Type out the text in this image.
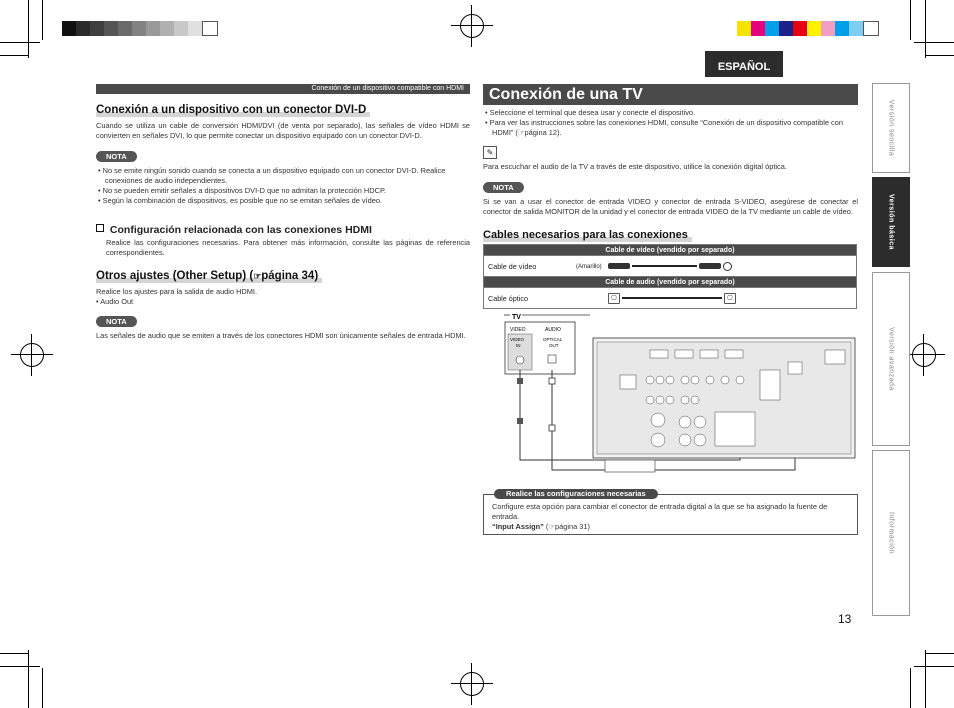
ESPAÑOL
Versión sencilla
Versión básica
Versión avanzada
Información
13
Conexión de un dispositivo compatible con HDMI
Conexión a un dispositivo con un conector DVI-D
Cuando se utiliza un cable de conversión HDMI/DVI (de venta por separado), las señales de vídeo HDMI se convierten en señales DVI, lo que permite conectar un dispositivo equipado con un conector DVI-D.
NOTA
• No se emite ningún sonido cuando se conecta a un dispositivo equipado con un conector DVI-D. Realice conexiones de audio independientes.
• No se pueden emitir señales a dispositivos DVI-D que no admitan la protección HDCP.
• Según la combinación de dispositivos, es posible que no se emitan señales de vídeo.
Configuración relacionada con las conexiones HDMI
Realice las configuraciones necesarias. Para obtener más información, consulte las páginas de referencia correspondientes.
Otros ajustes (Other Setup) (☞página 34)
Realice los ajustes para la salida de audio HDMI.
• Audio Out
NOTA
Las señales de audio que se emiten a través de los conectores HDMI son únicamente señales de entrada HDMI.
Conexión de una TV
• Seleccione el terminal que desea usar y conecte el dispositivo.
• Para ver las instrucciones sobre las conexiones HDMI, consulte “Conexión de un dispositivo compatible con HDMI” (☞página 12).
✎
Para escuchar el audio de la TV a través de este dispositivo, utilice la conexión digital óptica.
NOTA
Si se van a usar el conector de entrada VIDEO y conector de entrada S-VIDEO, asegúrese de conectar el conector de salida MONITOR de la unidad y el conector de entrada VIDEO de la TV mediante un cable de vídeo.
Cables necesarios para las conexiones
Cable de vídeo (vendido por separado)	
Cable de vídeo	(Amarillo)
Cable de audio (vendido por separado)	
Cable óptico	▢ ▢
TV
VIDEO	AUDIO
VIDEO
IN
OPTICAL
OUT
Realice las configuraciones necesarias
Configure esta opción para cambiar el conector de entrada digital a la que se ha asignado la fuente de entrada.
“Input Assign” (☞página 31)
